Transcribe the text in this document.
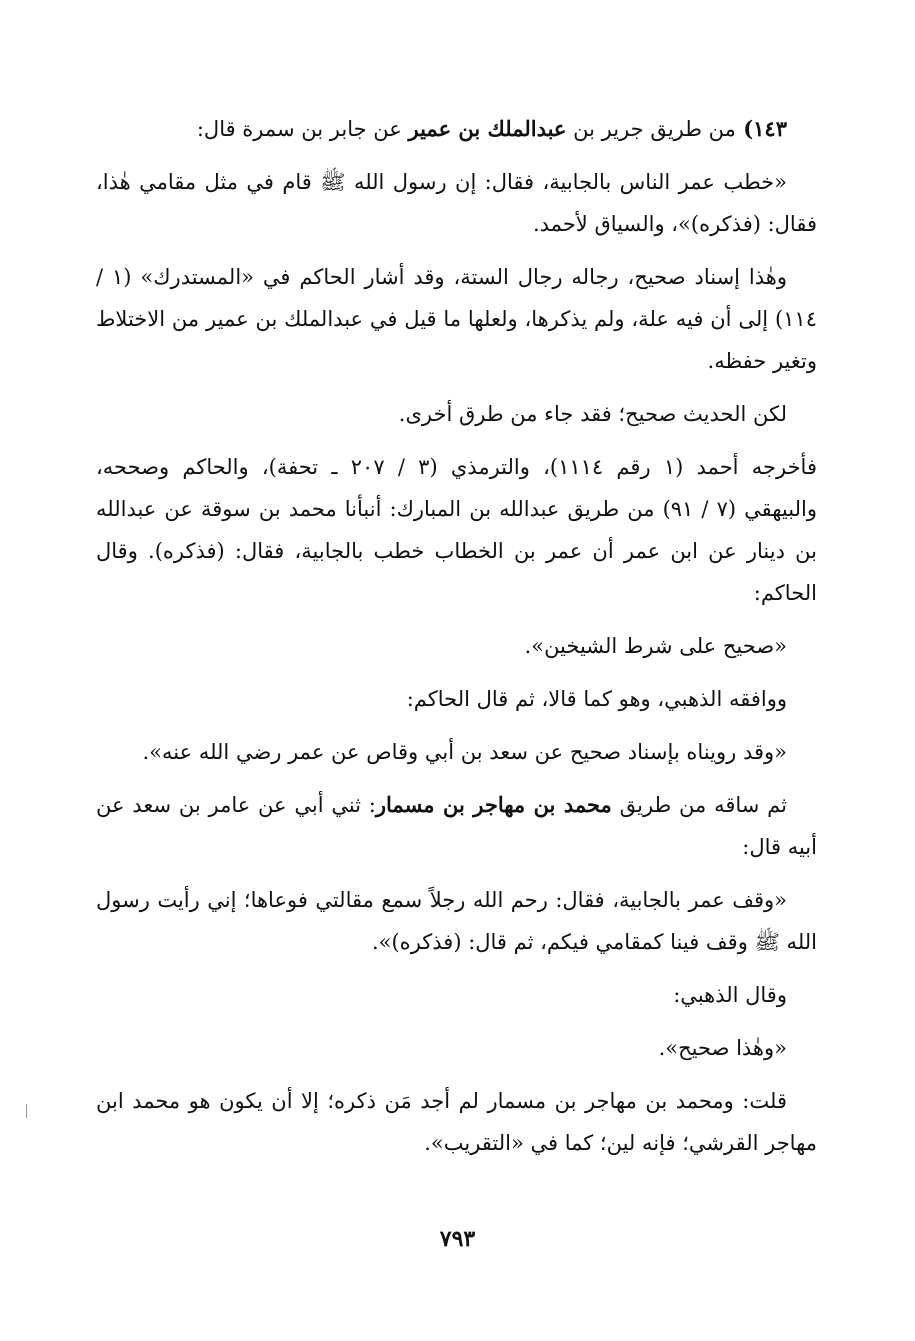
١٤٣) من طريق جرير بن عبدالملك بن عمير عن جابر بن سمرة قال:

«خطب عمر الناس بالجابية، فقال: إن رسول الله ﷺ قام في مثل مقامي هٰذا، فقال: (فذكره)»، والسياق لأحمد.

وهٰذا إسناد صحيح، رجاله رجال الستة، وقد أشار الحاكم في «المستدرك» (١ / ١١٤) إلى أن فيه علة، ولم يذكرها، ولعلها ما قيل في عبدالملك بن عمير من الاختلاط وتغير حفظه.

لكن الحديث صحيح؛ فقد جاء من طرق أخرى.

فأخرجه أحمد (١ رقم ١١١٤)، والترمذي (٣ / ٢٠٧ ـ تحفة)، والحاكم وصححه، والبيهقي (٧ / ٩١) من طريق عبدالله بن المبارك: أنبأنا محمد بن سوقة عن عبدالله بن دينار عن ابن عمر أن عمر بن الخطاب خطب بالجابية، فقال: (فذكره). وقال الحاكم:

«صحيح على شرط الشيخين».

ووافقه الذهبي، وهو كما قالا، ثم قال الحاكم:

«وقد رويناه بإسناد صحيح عن سعد بن أبي وقاص عن عمر رضي الله عنه».

ثم ساقه من طريق محمد بن مهاجر بن مسمار: ثني أبي عن عامر بن سعد عن أبيه قال:

«وقف عمر بالجابية، فقال: رحم الله رجلاً سمع مقالتي فوعاها؛ إني رأيت رسول الله ﷺ وقف فينا كمقامي فيكم، ثم قال: (فذكره)».

وقال الذهبي:

«وهٰذا صحيح».

قلت: ومحمد بن مهاجر بن مسمار لم أجد مَن ذكره؛ إلا أن يكون هو محمد ابن مهاجر القرشي؛ فإنه لين؛ كما في «التقريب».

٧٩٣
